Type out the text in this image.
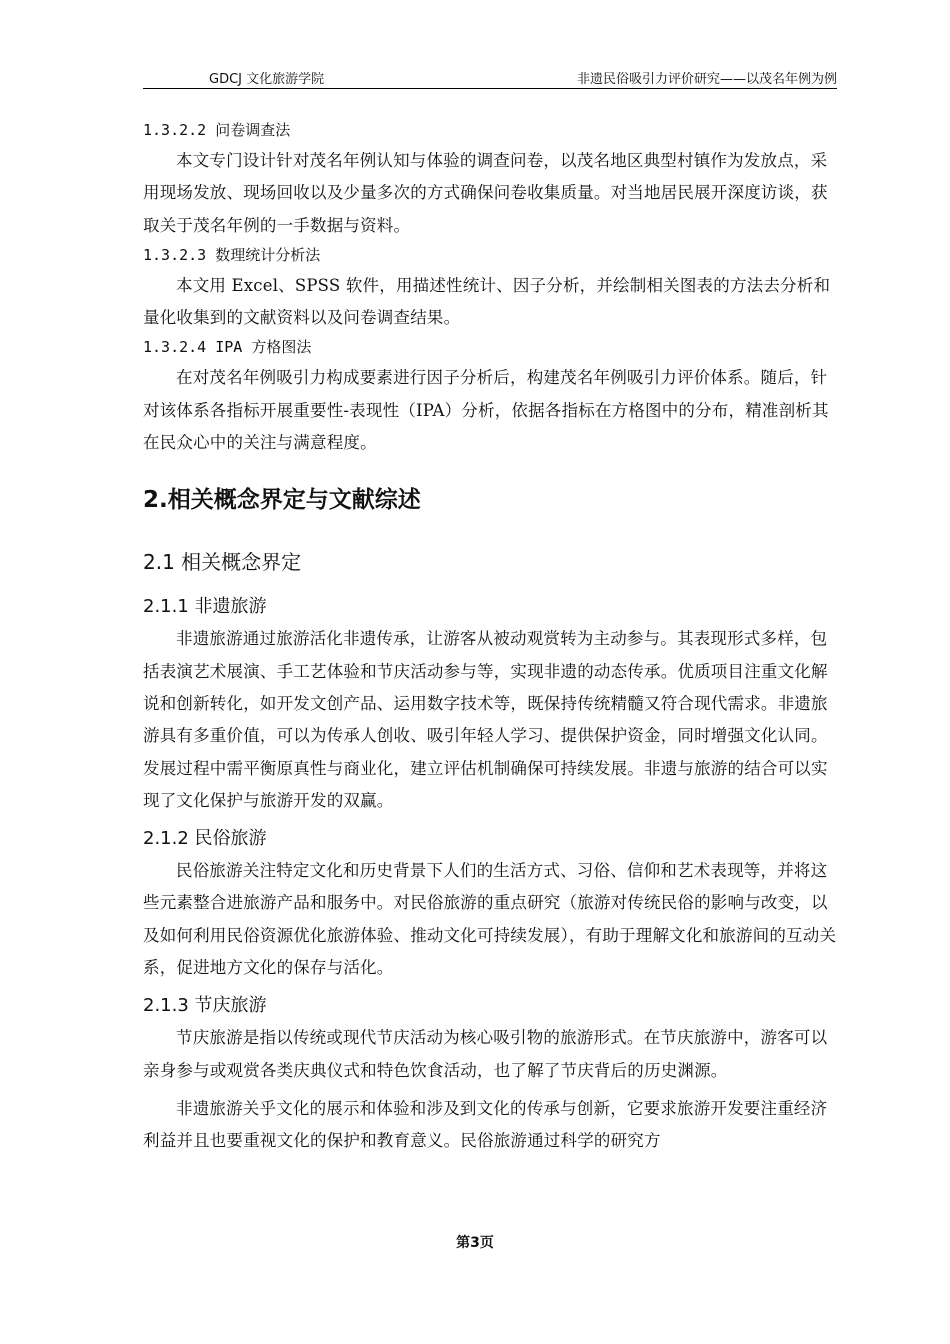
GDCJ 文化旅游学院	非遗民俗吸引力评价研究——以茂名年例为例
1.3.2.2 问卷调查法

本文专门设计针对茂名年例认知与体验的调查问卷，以茂名地区典型村镇作为发放点，采用现场发放、现场回收以及少量多次的方式确保问卷收集质量。对当地居民展开深度访谈，获取关于茂名年例的一手数据与资料。

1.3.2.3 数理统计分析法

本文用 Excel、SPSS 软件，用描述性统计、因子分析，并绘制相关图表的方法去分析和量化收集到的文献资料以及问卷调查结果。

1.3.2.4 IPA 方格图法

在对茂名年例吸引力构成要素进行因子分析后，构建茂名年例吸引力评价体系。随后，针对该体系各指标开展重要性-表现性（IPA）分析，依据各指标在方格图中的分布，精准剖析其在民众心中的关注与满意程度。

2.相关概念界定与文献综述
2.1 相关概念界定
2.1.1 非遗旅游

非遗旅游通过旅游活化非遗传承，让游客从被动观赏转为主动参与。其表现形式多样，包括表演艺术展演、手工艺体验和节庆活动参与等，实现非遗的动态传承。优质项目注重文化解说和创新转化，如开发文创产品、运用数字技术等，既保持传统精髓又符合现代需求。非遗旅游具有多重价值，可以为传承人创收、吸引年轻人学习、提供保护资金，同时增强文化认同。发展过程中需平衡原真性与商业化，建立评估机制确保可持续发展。非遗与旅游的结合可以实现了文化保护与旅游开发的双赢。

2.1.2 民俗旅游

民俗旅游关注特定文化和历史背景下人们的生活方式、习俗、信仰和艺术表现等，并将这些元素整合进旅游产品和服务中。对民俗旅游的重点研究（旅游对传统民俗的影响与改变，以及如何利用民俗资源优化旅游体验、推动文化可持续发展），有助于理解文化和旅游间的互动关系，促进地方文化的保存与活化。

2.1.3 节庆旅游

节庆旅游是指以传统或现代节庆活动为核心吸引物的旅游形式。在节庆旅游中，游客可以亲身参与或观赏各类庆典仪式和特色饮食活动，也了解了节庆背后的历史渊源。

非遗旅游关乎文化的展示和体验和涉及到文化的传承与创新，它要求旅游开发要注重经济利益并且也要重视文化的保护和教育意义。民俗旅游通过科学的研究方

第3页
